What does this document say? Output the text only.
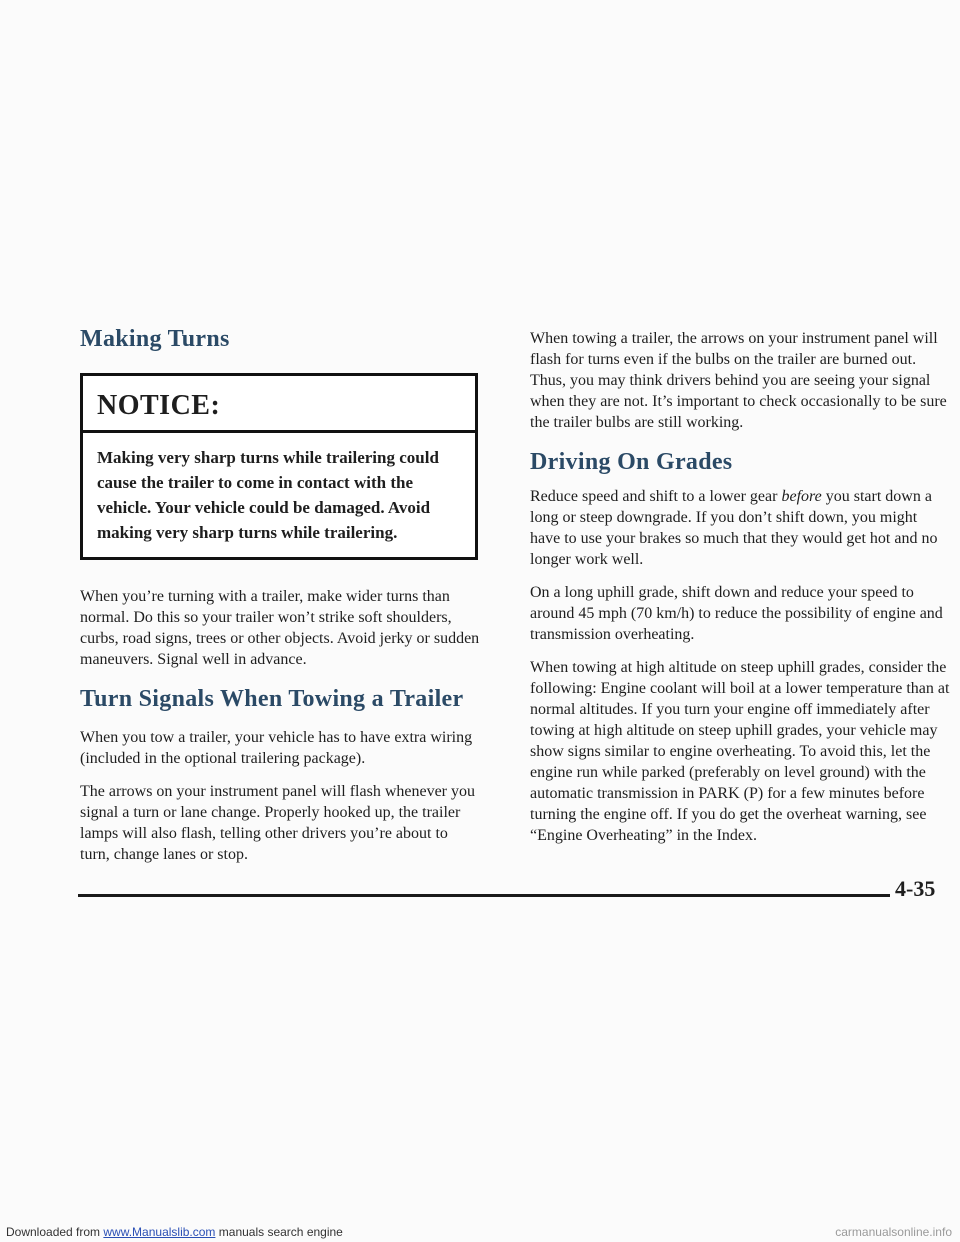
Making Turns
NOTICE:
Making very sharp turns while trailering could cause the trailer to come in contact with the vehicle. Your vehicle could be damaged. Avoid making very sharp turns while trailering.

When you’re turning with a trailer, make wider turns than normal. Do this so your trailer won’t strike soft shoulders, curbs, road signs, trees or other objects. Avoid jerky or sudden maneuvers. Signal well in advance.

Turn Signals When Towing a Trailer

When you tow a trailer, your vehicle has to have extra wiring (included in the optional trailering package).

The arrows on your instrument panel will flash whenever you signal a turn or lane change. Properly hooked up, the trailer lamps will also flash, telling other drivers you’re about to turn, change lanes or stop.

When towing a trailer, the arrows on your instrument panel will flash for turns even if the bulbs on the trailer are burned out. Thus, you may think drivers behind you are seeing your signal when they are not. It’s important to check occasionally to be sure the trailer bulbs are still working.

Driving On Grades

Reduce speed and shift to a lower gear before you start down a long or steep downgrade. If you don’t shift down, you might have to use your brakes so much that they would get hot and no longer work well.

On a long uphill grade, shift down and reduce your speed to around 45 mph (70 km/h) to reduce the possibility of engine and transmission overheating.

When towing at high altitude on steep uphill grades, consider the following: Engine coolant will boil at a lower temperature than at normal altitudes. If you turn your engine off immediately after towing at high altitude on steep uphill grades, your vehicle may show signs similar to engine overheating. To avoid this, let the engine run while parked (preferably on level ground) with the automatic transmission in PARK (P) for a few minutes before turning the engine off. If you do get the overheat warning, see “Engine Overheating” in the Index.

4-35
Downloaded from www.Manualslib.com manuals search engine	carmanualsonline.info
